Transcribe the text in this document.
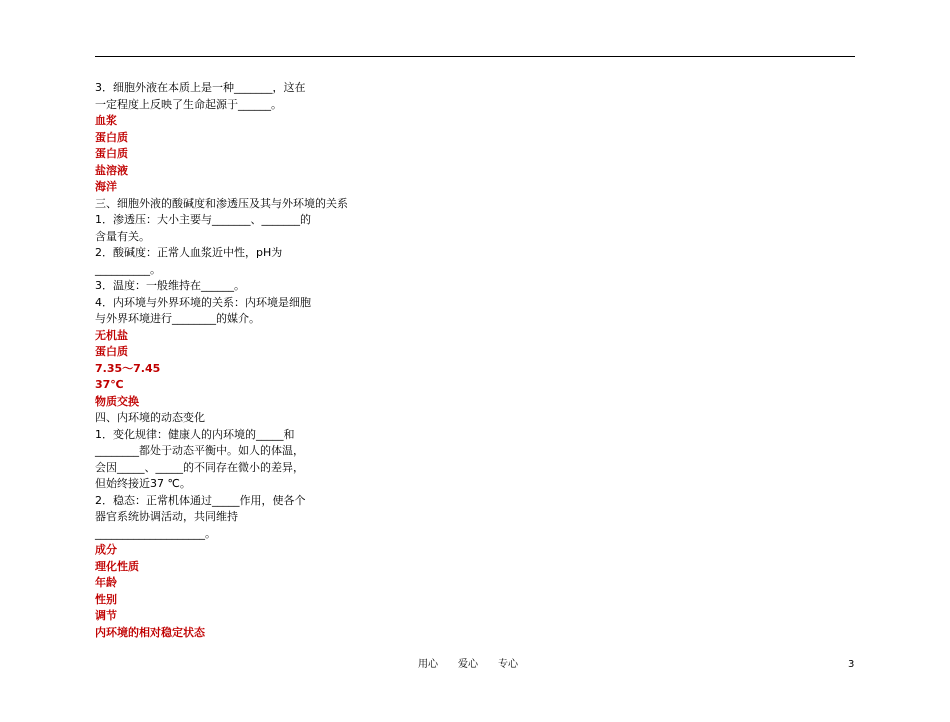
3．细胞外液在本质上是一种_______，这在
一定程度上反映了生命起源于______。
血浆
蛋白质
蛋白质
盐溶液
海洋
三、细胞外液的酸碱度和渗透压及其与外环境的关系
1．渗透压：大小主要与_______、_______的
含量有关。
2．酸碱度：正常人血浆近中性，pH为
__________。
3．温度：一般维持在______。
4．内环境与外界环境的关系：内环境是细胞
与外界环境进行________的媒介。
无机盐
蛋白质
7.35～7.45
37℃
物质交换
四、内环境的动态变化
1．变化规律：健康人的内环境的_____和
________都处于动态平衡中。如人的体温，
会因_____、_____的不同存在微小的差异，
但始终接近37 ℃。
2．稳态：正常机体通过_____作用，使各个
器官系统协调活动，共同维持
____________________。
成分
理化性质
年龄
性别
调节
内环境的相对稳定状态
用心　　爱心　　专心	3
